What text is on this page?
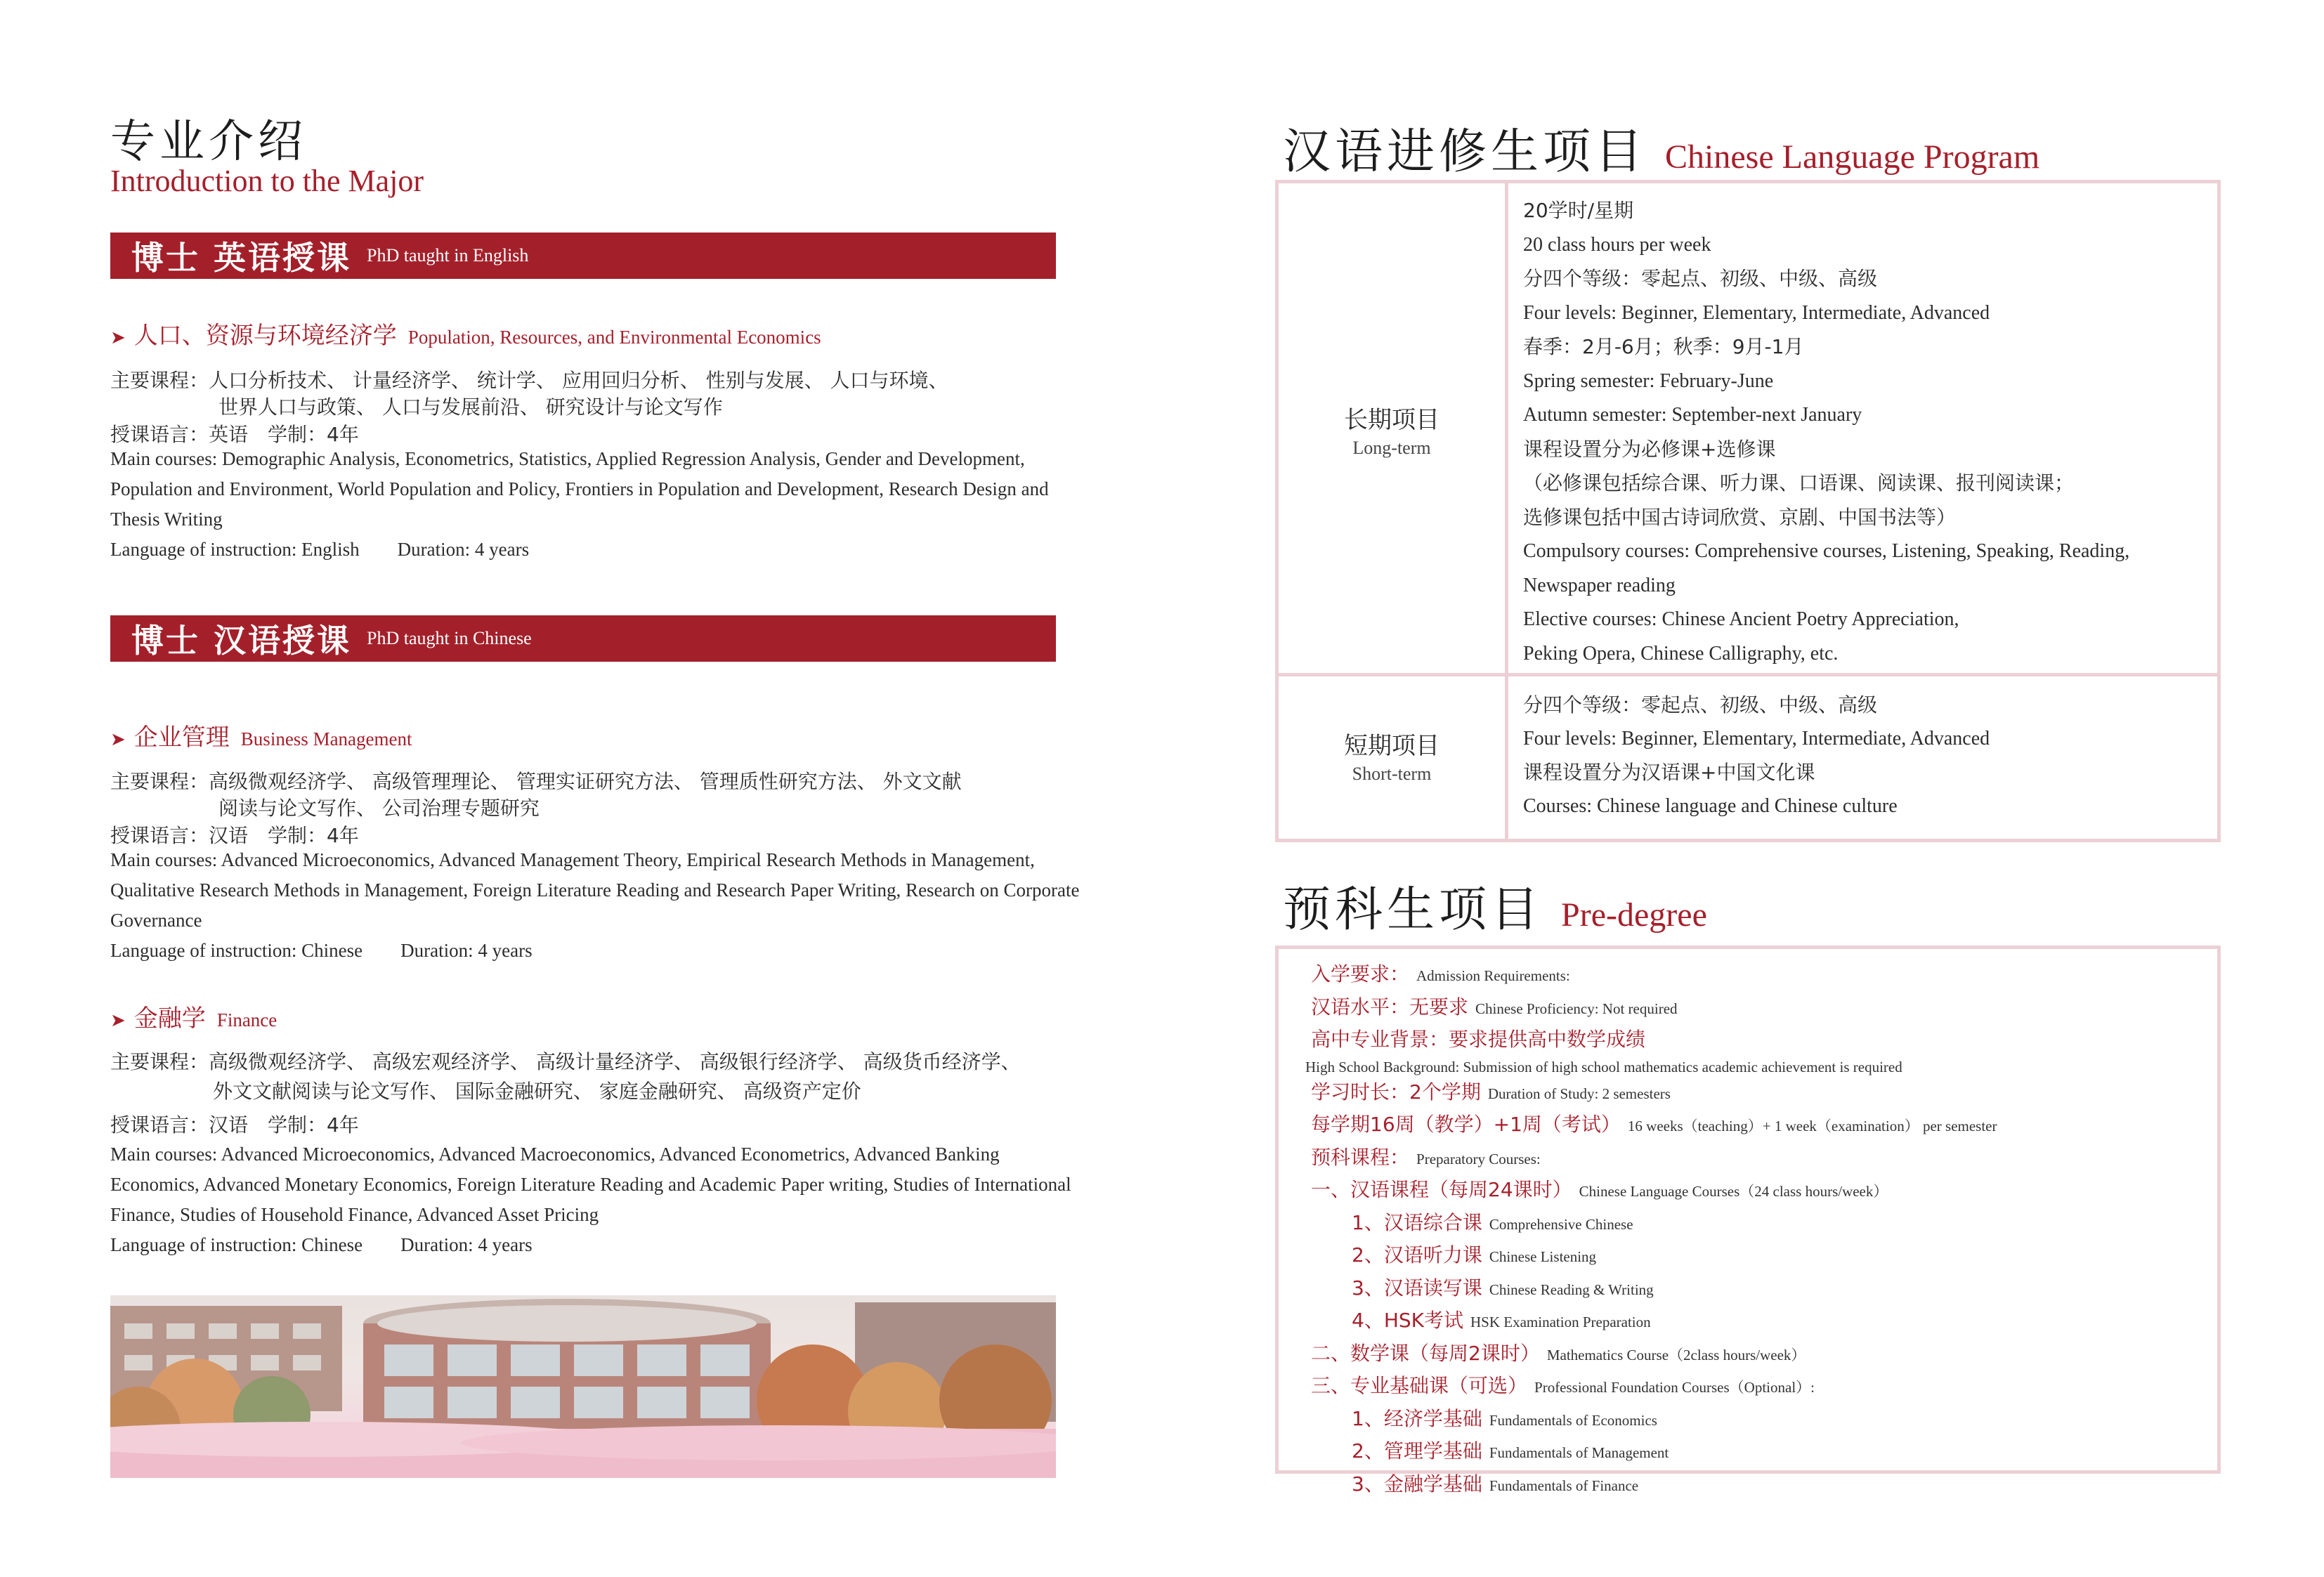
专业介绍
Introduction to the Major
博士 英语授课 PhD taught in English
➤ 人口、资源与环境经济学 Population, Resources, and Environmental Economics
主要课程：人口分析技术、 计量经济学、 统计学、 应用回归分析、 性别与发展、 人口与环境、
世界人口与政策、 人口与发展前沿、 研究设计与论文写作
授课语言：英语　学制：4年
Main courses: Demographic Analysis, Econometrics, Statistics, Applied Regression Analysis, Gender and Development, Population and Environment, World Population and Policy, Frontiers in Population and Development, Research Design and Thesis Writing
Language of instruction: English　　Duration: 4 years
博士 汉语授课 PhD taught in Chinese
➤ 企业管理 Business Management
主要课程：高级微观经济学、 高级管理理论、 管理实证研究方法、 管理质性研究方法、 外文文献
阅读与论文写作、 公司治理专题研究
授课语言：汉语　学制：4年
Main courses: Advanced Microeconomics, Advanced Management Theory, Empirical Research Methods in Management, Qualitative Research Methods in Management, Foreign Literature Reading and Research Paper Writing, Research on Corporate Governance
Language of instruction: Chinese　　Duration: 4 years
➤ 金融学 Finance
主要课程：高级微观经济学、 高级宏观经济学、 高级计量经济学、 高级银行经济学、 高级货币经济学、
外文文献阅读与论文写作、 国际金融研究、 家庭金融研究、 高级资产定价
授课语言：汉语　学制：4年
Main courses: Advanced Microeconomics, Advanced Macroeconomics, Advanced Econometrics, Advanced Banking Economics, Advanced Monetary Economics, Foreign Literature Reading and Academic Paper writing, Studies of International Finance, Studies of Household Finance, Advanced Asset Pricing
Language of instruction: Chinese　　Duration: 4 years
汉语进修生项目 Chinese Language Program
长期项目
Long-term
短期项目
Short-term
20学时/星期
20 class hours per week
分四个等级：零起点、初级、中级、高级
Four levels: Beginner, Elementary, Intermediate, Advanced
春季：2月-6月；秋季：9月-1月
Spring semester: February-June
Autumn semester: September-next January
课程设置分为必修课+选修课
（必修课包括综合课、听力课、口语课、阅读课、报刊阅读课；
选修课包括中国古诗词欣赏、京剧、中国书法等）
Compulsory courses: Comprehensive courses, Listening, Speaking, Reading,
Newspaper reading
Elective courses: Chinese Ancient Poetry Appreciation,
Peking Opera, Chinese Calligraphy, etc.
分四个等级：零起点、初级、中级、高级
Four levels: Beginner, Elementary, Intermediate, Advanced
课程设置分为汉语课+中国文化课
Courses: Chinese language and Chinese culture
预科生项目 Pre-degree
入学要求： Admission Requirements:
汉语水平：无要求 Chinese Proficiency: Not required
高中专业背景：要求提供高中数学成绩
High School Background: Submission of high school mathematics academic achievement is required
学习时长：2个学期 Duration of Study: 2 semesters
每学期16周（教学）+1周（考试） 16 weeks（teaching）+ 1 week（examination） per semester
预科课程： Preparatory Courses:
一、汉语课程（每周24课时） Chinese Language Courses（24 class hours/week）
1、汉语综合课 Comprehensive Chinese
2、汉语听力课 Chinese Listening
3、汉语读写课 Chinese Reading & Writing
4、HSK考试 HSK Examination Preparation
二、数学课（每周2课时） Mathematics Course（2class hours/week）
三、专业基础课（可选） Professional Foundation Courses（Optional）:
1、经济学基础 Fundamentals of Economics
2、管理学基础 Fundamentals of Management
3、金融学基础 Fundamentals of Finance
